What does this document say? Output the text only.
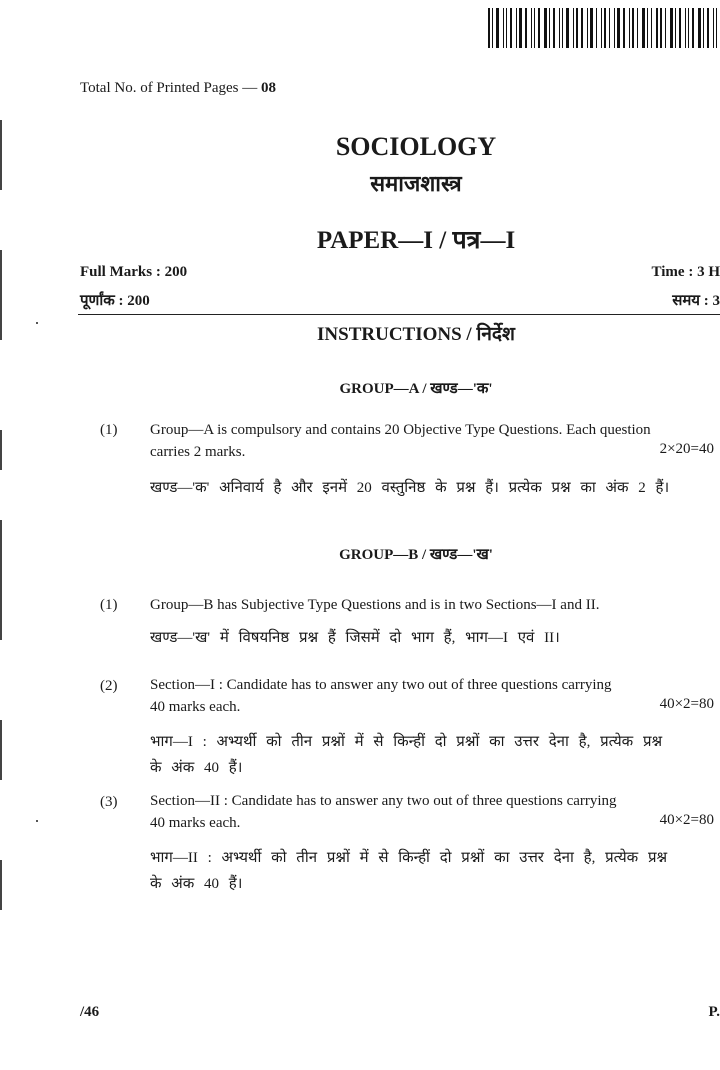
Total No. of Printed Pages — 08
SOCIOLOGY
समाजशास्त्र
PAPER—I / पत्र—I
Full Marks : 200
पूर्णांक : 200
Time : 3 H
समय : 3
INSTRUCTIONS / निर्देश
GROUP—A / खण्ड—'क'
(1) Group—A is compulsory and contains 20 Objective Type Questions. Each question
carries 2 marks.	2×20=40
खण्ड—'क' अनिवार्य है और इनमें 20 वस्तुनिष्ठ के प्रश्न हैं। प्रत्येक प्रश्न का अंक 2 हैं।
GROUP—B / खण्ड—'ख'
(1) Group—B has Subjective Type Questions and is in two Sections—I and II.
खण्ड—'ख' में विषयनिष्ठ प्रश्न हैं जिसमें दो भाग हैं, भाग—I एवं II।
(2) Section—I : Candidate has to answer any two out of three questions carrying
40 marks each.	40×2=80
भाग—I : अभ्यर्थी को तीन प्रश्नों में से किन्हीं दो प्रश्नों का उत्तर देना है, प्रत्येक प्रश्न
के अंक 40 हैं।
(3) Section—II : Candidate has to answer any two out of three questions carrying
40 marks each.	40×2=80
भाग—II : अभ्यर्थी को तीन प्रश्नों में से किन्हीं दो प्रश्नों का उत्तर देना है, प्रत्येक प्रश्न
के अंक 40 हैं।
/46	P.
